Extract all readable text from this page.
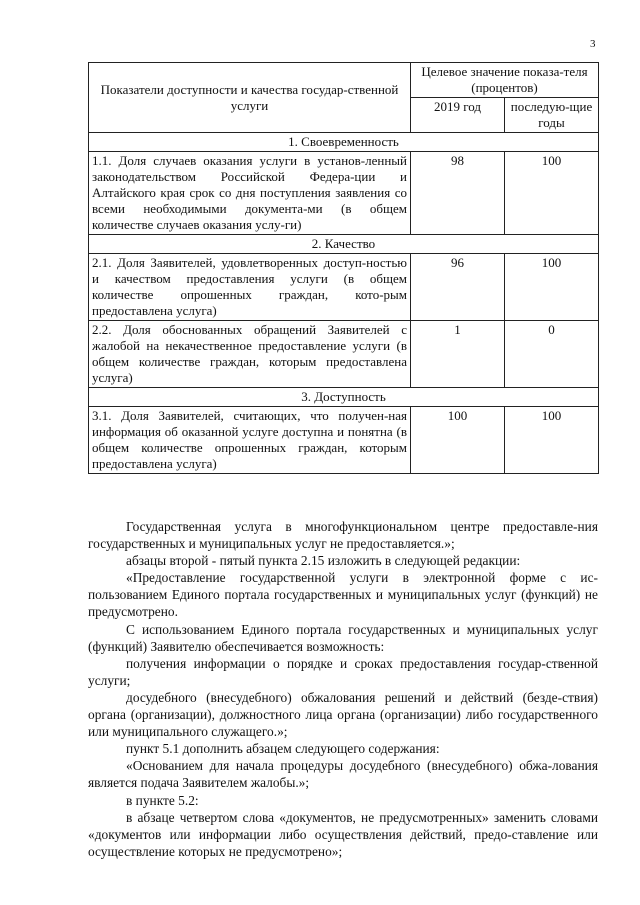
3
Показатели доступности и качества государ-ственной услуги	Целевое значение показа-теля (процентов)	
	2019 год	последую-щие годы
1. Своевременность		
1.1. Доля случаев оказания услуги в установ-ленный законодательством Российской Федера-ции и Алтайского края срок со дня поступления заявления со всеми необходимыми документа-ми (в общем количестве случаев оказания услу-ги)	98	100
2. Качество		
2.1. Доля Заявителей, удовлетворенных доступ-ностью и качеством предоставления услуги (в общем количестве опрошенных граждан, кото-рым предоставлена услуга)	96	100
2.2. Доля обоснованных обращений Заявителей с жалобой на некачественное предоставление услуги (в общем количестве граждан, которым предоставлена услуга)	1	0
3. Доступность		
3.1. Доля Заявителей, считающих, что получен-ная информация об оказанной услуге доступна и понятна (в общем количестве опрошенных граждан, которым предоставлена услуга)	100	100

Государственная услуга в многофункциональном центре предоставле-ния государственных и муниципальных услуг не предоставляется.»;

абзацы второй - пятый пункта 2.15 изложить в следующей редакции:

«Предоставление государственной услуги в электронной форме с ис-пользованием Единого портала государственных и муниципальных услуг (функций) не предусмотрено.

С использованием Единого портала государственных и муниципальных услуг (функций) Заявителю обеспечивается возможность:

получения информации о порядке и сроках предоставления государ-ственной услуги;

досудебного (внесудебного) обжалования решений и действий (безде-ствия) органа (организации), должностного лица органа (организации) либо государственного или муниципального служащего.»;

пункт 5.1 дополнить абзацем следующего содержания:

«Основанием для начала процедуры досудебного (внесудебного) обжа-лования является подача Заявителем жалобы.»;

в пункте 5.2:

в абзаце четвертом слова «документов, не предусмотренных» заменить словами «документов или информации либо осуществления действий, предо-ставление или осуществление которых не предусмотрено»;
